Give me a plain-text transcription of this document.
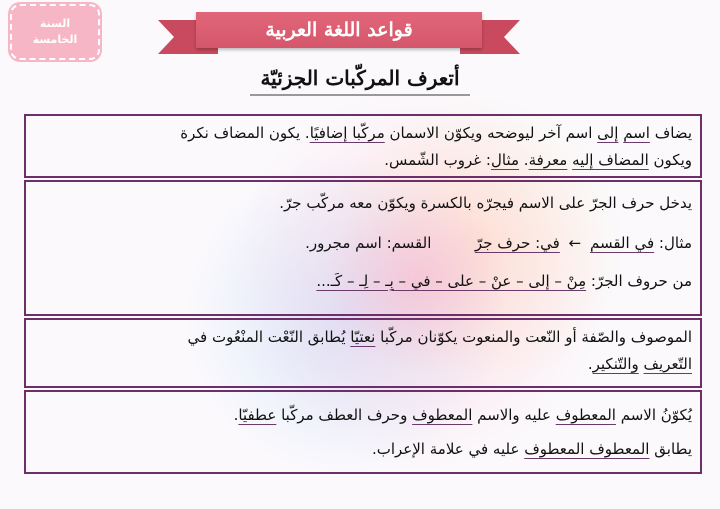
السنة
الخامسة	قواعد اللغة العربية
أتعرف المركّبات الجزئيّة
يضاف اسم إلى اسم آخر ليوضحه ويكوّن الاسمان مركّبا إضافيًا. يكون المضاف نكرة
ويكون المضاف إليه معرفة. مثال: غروب الشّمس.
يدخل حرف الجرّ على الاسم فيجرّه بالكسرة ويكوّن معه مركّب جرّ.
مثال: في القسم ← في: حرف جرّ  القسم: اسم مجرور.
من حروف الجرّ: مِنْ – إلى – عنْ – على – في – بِـ – لِـ – كَـ...
الموصوف والصّفة أو النّعت والمنعوت يكوّنان مركّبا نعتيّا يُطابق النّعْت المنْعُوت في
التّعريف والتّنكير.
يُكوّنُ الاسم المعطوف عليه والاسم المعطوف وحرف العطف مركّبا عطفيّا.
يطابق المعطوف المعطوف عليه في علامة الإعراب.
